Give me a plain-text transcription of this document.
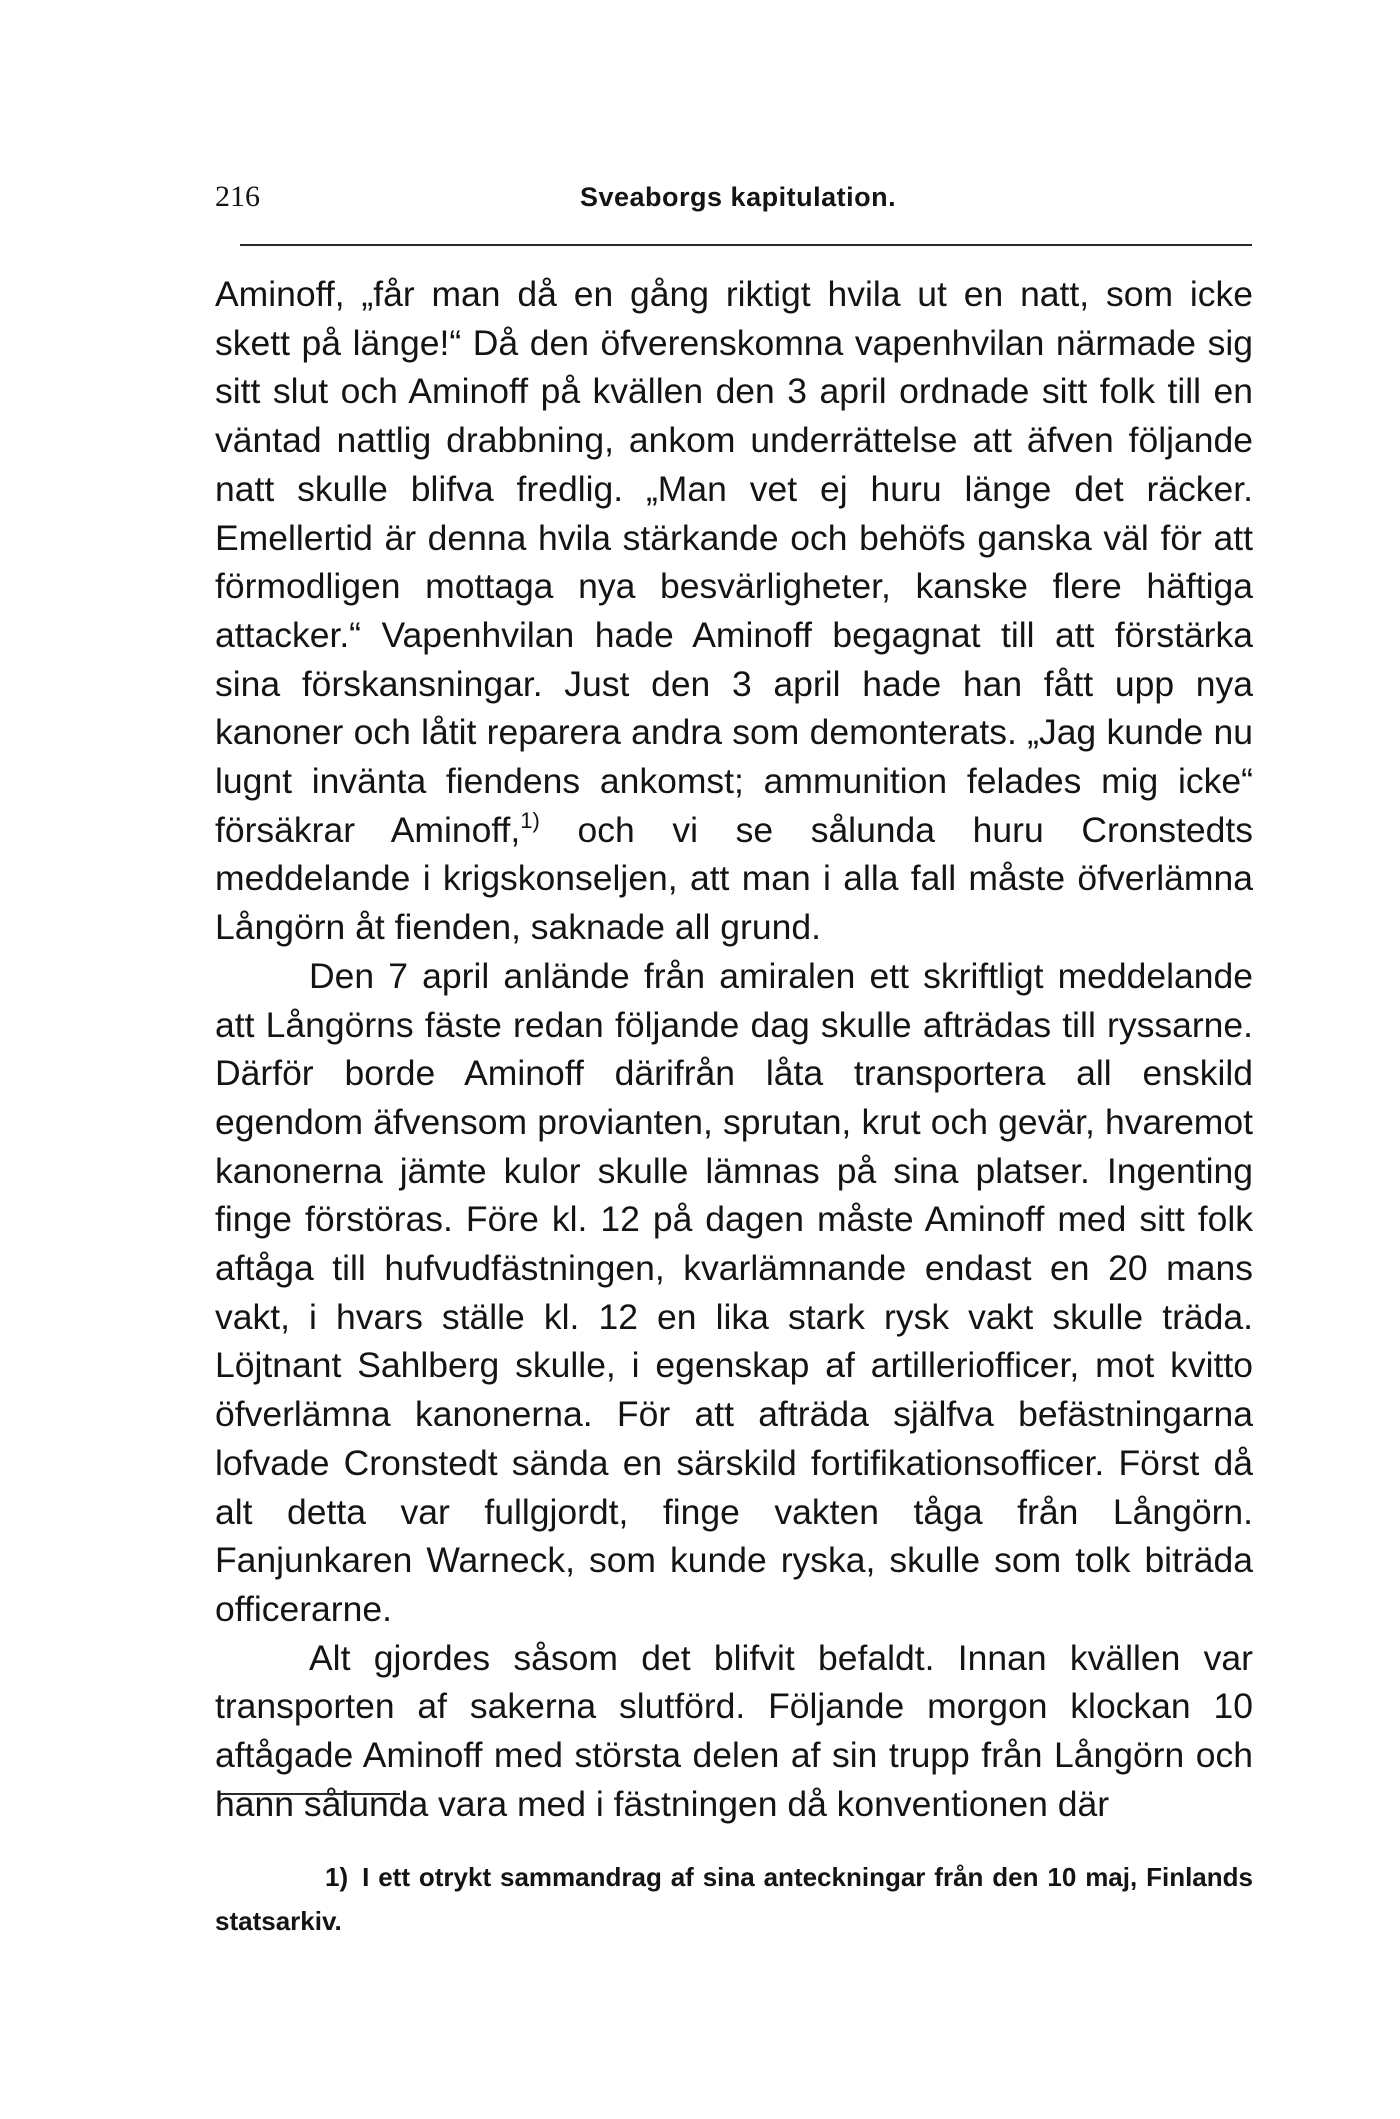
216	Sveaborgs kapitulation.

Aminoff, „får man då en gång riktigt hvila ut en natt, som icke skett på länge!“ Då den öfverenskomna vapenhvilan närmade sig sitt slut och Aminoff på kvällen den 3 april ordnade sitt folk till en väntad nattlig drabbning, ankom underrättelse att äfven följande natt skulle blifva fredlig. „Man vet ej huru länge det räcker. Emellertid är denna hvila stärkande och behöfs ganska väl för att förmodligen mottaga nya besvärligheter, kanske flere häftiga attacker.“ Vapenhvilan hade Aminoff begagnat till att förstärka sina förskansningar. Just den 3 april hade han fått upp nya kanoner och låtit reparera andra som demonterats. „Jag kunde nu lugnt invänta fiendens ankomst; ammunition felades mig icke“ försäkrar Aminoff,$^{1)}$ och vi se sålunda huru Cronstedts meddelande i krigskonseljen, att man i alla fall måste öfverlämna Långörn åt fienden, saknade all grund.

Den 7 april anlände från amiralen ett skriftligt meddelande att Långörns fäste redan följande dag skulle afträdas till ryssarne. Därför borde Aminoff därifrån låta transportera all enskild egendom äfvensom provianten, sprutan, krut och gevär, hvaremot kanonerna jämte kulor skulle lämnas på sina platser. Ingenting finge förstöras. Före kl. 12 på dagen måste Aminoff med sitt folk aftåga till hufvudfästningen, kvarlämnande endast en 20 mans vakt, i hvars ställe kl. 12 en lika stark rysk vakt skulle träda. Löjtnant Sahlberg skulle, i egenskap af artilleriofficer, mot kvitto öfverlämna kanonerna. För att afträda själfva befästningarna lofvade Cronstedt sända en särskild fortifikationsofficer. Först då alt detta var fullgjordt, finge vakten tåga från Långörn. Fanjunkaren Warneck, som kunde ryska, skulle som tolk biträda officerarne.

Alt gjordes såsom det blifvit befaldt. Innan kvällen var transporten af sakerna slutförd. Följande morgon klockan 10 aftågade Aminoff med största delen af sin trupp från Långörn och hann sålunda vara med i fästningen då konventionen där

1) I ett otrykt sammandrag af sina anteckningar från den 10 maj, Finlands statsarkiv.
